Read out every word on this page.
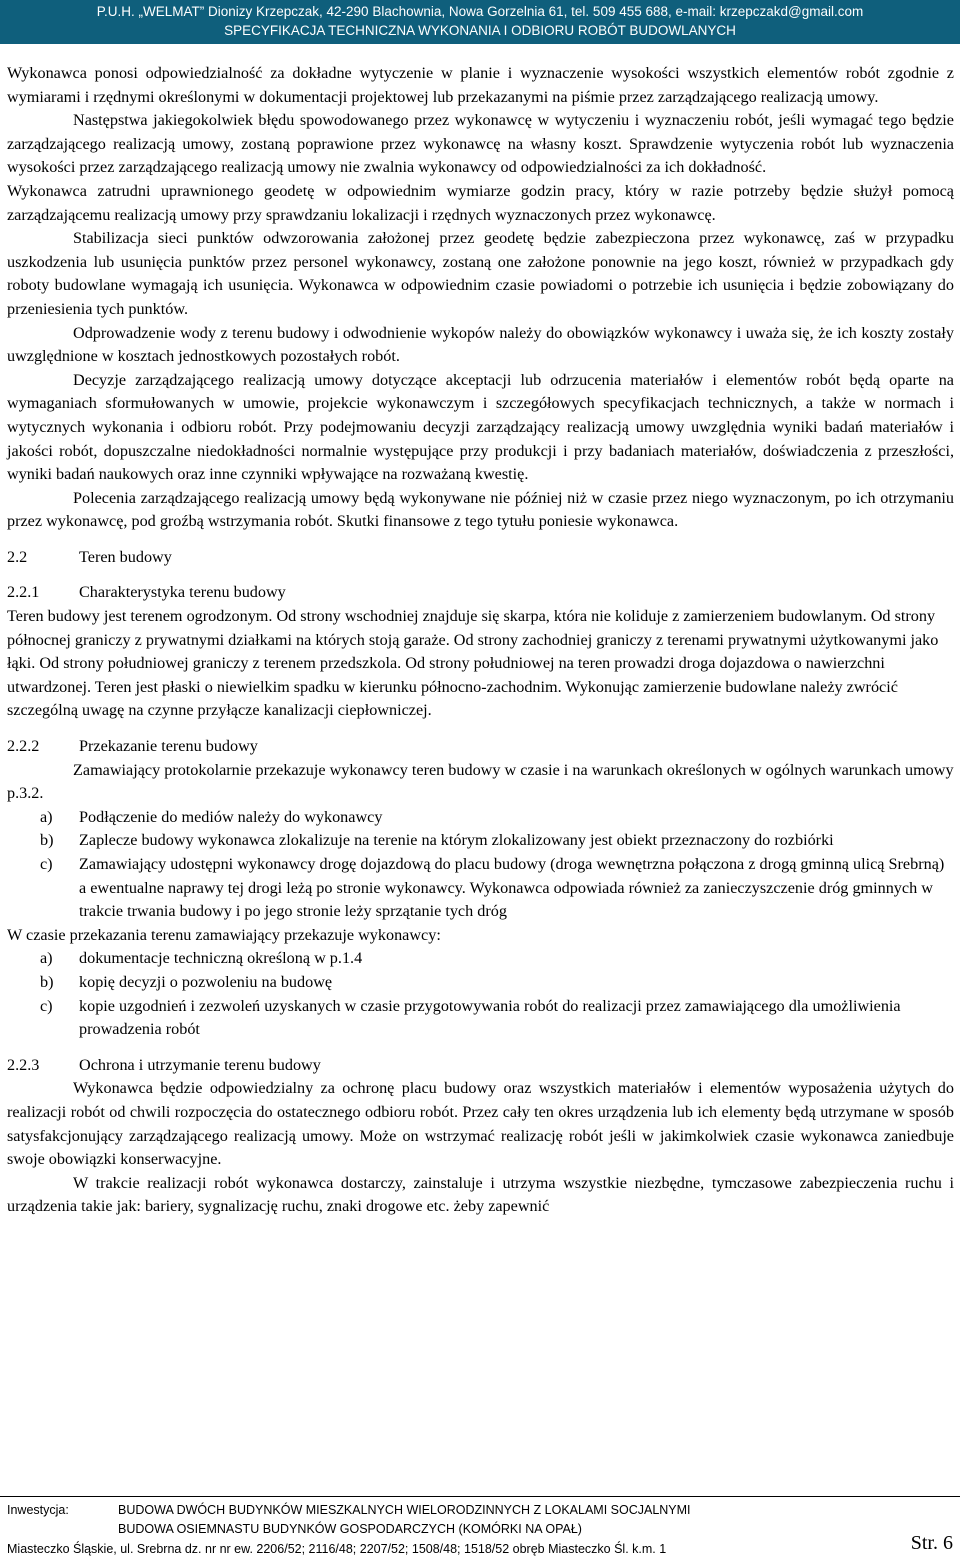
P.U.H. „WELMAT” Dionizy Krzepczak, 42-290 Blachownia, Nowa Gorzelnia 61, tel. 509 455 688, e-mail: krzepczakd@gmail.com
SPECYFIKACJA TECHNICZNA WYKONANIA I ODBIORU ROBÓT BUDOWLANYCH

Wykonawca ponosi odpowiedzialność za dokładne wytyczenie w planie i wyznaczenie wysokości wszystkich elementów robót zgodnie z wymiarami i rzędnymi określonymi w dokumentacji projektowej lub przekazanymi na piśmie przez zarządzającego realizacją umowy.

Następstwa jakiegokolwiek błędu spowodowanego przez wykonawcę w wytyczeniu i wyznaczeniu robót, jeśli wymagać tego będzie zarządzającego realizacją umowy, zostaną poprawione przez wykonawcę na własny koszt. Sprawdzenie wytyczenia robót lub wyznaczenia wysokości przez zarządzającego realizacją umowy nie zwalnia wykonawcy od odpowiedzialności za ich dokładność.

Wykonawca zatrudni uprawnionego geodetę w odpowiednim wymiarze godzin pracy, który w razie potrzeby będzie służył pomocą zarządzającemu realizacją umowy przy sprawdzaniu lokalizacji i rzędnych wyznaczonych przez wykonawcę.

Stabilizacja sieci punktów odwzorowania założonej przez geodetę będzie zabezpieczona przez wykonawcę, zaś w przypadku uszkodzenia lub usunięcia punktów przez personel wykonawcy, zostaną one założone ponownie na jego koszt, również w przypadkach gdy roboty budowlane wymagają ich usunięcia. Wykonawca w odpowiednim czasie powiadomi o potrzebie ich usunięcia i będzie zobowiązany do przeniesienia tych punktów.

Odprowadzenie wody z terenu budowy i odwodnienie wykopów należy do obowiązków wykonawcy i uważa się, że ich koszty zostały uwzględnione w kosztach jednostkowych pozostałych robót.

Decyzje zarządzającego realizacją umowy dotyczące akceptacji lub odrzucenia materiałów i elementów robót będą oparte na wymaganiach sformułowanych w umowie, projekcie wykonawczym i szczegółowych specyfikacjach technicznych, a także w normach i wytycznych wykonania i odbioru robót. Przy podejmowaniu decyzji zarządzający realizacją umowy uwzględnia wyniki badań materiałów i jakości robót, dopuszczalne niedokładności normalnie występujące przy produkcji i przy badaniach materiałów, doświadczenia z przeszłości, wyniki badań naukowych oraz inne czynniki wpływające na rozważaną kwestię.

Polecenia zarządzającego realizacją umowy będą wykonywane nie później niż w czasie przez niego wyznaczonym, po ich otrzymaniu przez wykonawcę, pod groźbą wstrzymania robót. Skutki finansowe z tego tytułu poniesie wykonawca.

2.2	Teren budowy
2.2.1 Charakterystyka terenu budowy

Teren budowy jest terenem ogrodzonym. Od strony wschodniej znajduje się skarpa, która nie koliduje z zamierzeniem budowlanym. Od strony północnej graniczy z prywatnymi działkami na których stoją garaże. Od strony zachodniej graniczy z terenami prywatnymi użytkowanymi jako łąki. Od strony południowej graniczy z terenem przedszkola. Od strony południowej na teren prowadzi droga dojazdowa o nawierzchni utwardzonej. Teren jest płaski o niewielkim spadku w kierunku północno-zachodnim. Wykonując zamierzenie budowlane należy zwrócić szczególną uwagę na czynne przyłącze kanalizacji ciepłowniczej.

2.2.2 Przekazanie terenu budowy

Zamawiający protokolarnie przekazuje wykonawcy teren budowy w czasie i na warunkach określonych w ogólnych warunkach umowy p.3.2.

a) Podłączenie do mediów należy do wykonawcy
b) Zaplecze budowy wykonawca zlokalizuje na terenie na którym zlokalizowany jest obiekt przeznaczony do rozbiórki
c) Zamawiający udostępni wykonawcy drogę dojazdową do placu budowy (droga wewnętrzna połączona z drogą gminną ulicą Srebrną) a ewentualne naprawy tej drogi leżą po stronie wykonawcy. Wykonawca odpowiada również za zanieczyszczenie dróg gminnych w trakcie trwania budowy i po jego stronie leży sprzątanie tych dróg

W czasie przekazania terenu zamawiający przekazuje wykonawcy:

a) dokumentacje techniczną określoną w p.1.4
b) kopię decyzji o pozwoleniu na budowę
c) kopie uzgodnień i zezwoleń uzyskanych w czasie przygotowywania robót do realizacji przez zamawiającego dla umożliwienia prowadzenia robót
2.2.3 Ochrona i utrzymanie terenu budowy

Wykonawca będzie odpowiedzialny za ochronę placu budowy oraz wszystkich materiałów i elementów wyposażenia użytych do realizacji robót od chwili rozpoczęcia do ostatecznego odbioru robót. Przez cały ten okres urządzenia lub ich elementy będą utrzymane w sposób satysfakcjonujący zarządzającego realizacją umowy. Może on wstrzymać realizację robót jeśli w jakimkolwiek czasie wykonawca zaniedbuje swoje obowiązki konserwacyjne.

W trakcie realizacji robót wykonawca dostarczy, zainstaluje i utrzyma wszystkie niezbędne, tymczasowe zabezpieczenia ruchu i urządzenia takie jak: bariery, sygnalizację ruchu, znaki drogowe etc. żeby zapewnić

Inwestycja:	BUDOWA DWÓCH BUDYNKÓW MIESZKALNYCH WIELORODZINNYCH Z LOKALAMI SOCJALNYMI
BUDOWA OSIEMNASTU BUDYNKÓW GOSPODARCZYCH (KOMÓRKI NA OPAŁ)
Miasteczko Śląskie, ul. Srebrna dz. nr nr ew. 2206/52; 2116/48; 2207/52; 1508/48; 1518/52 obręb Miasteczko Śl. k.m. 1	Str. 6
